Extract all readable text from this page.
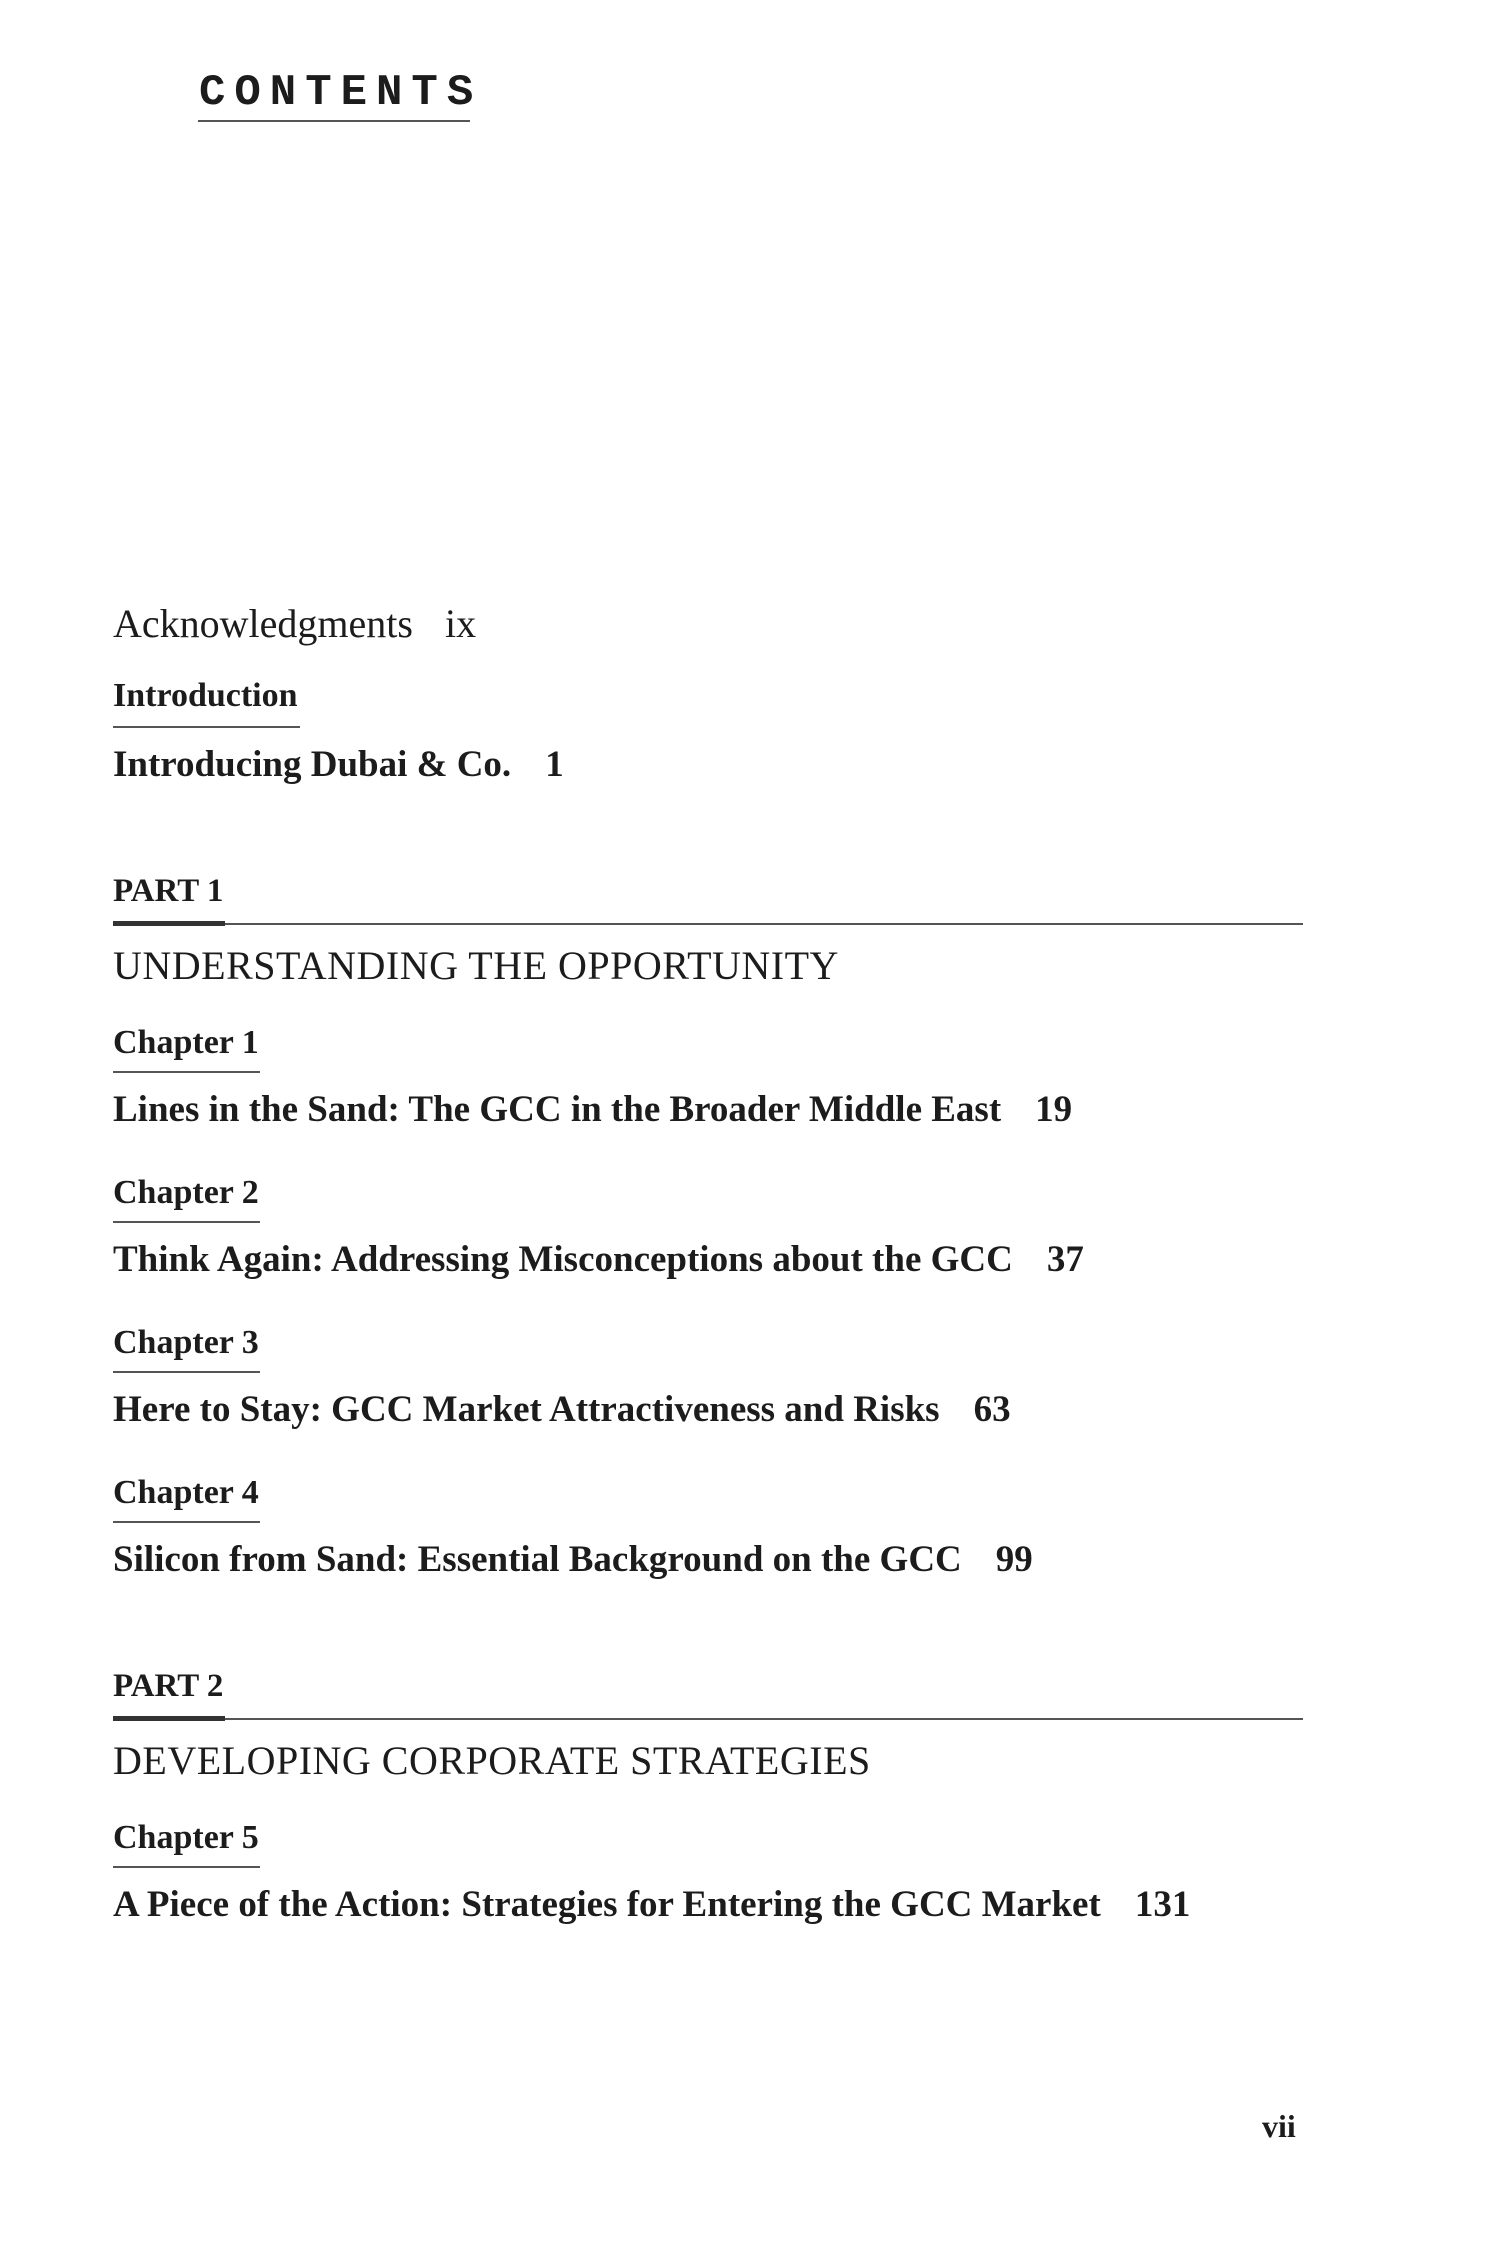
CONTENTS
Acknowledgments ix
Introduction
Introducing Dubai & Co. 1
PART 1
UNDERSTANDING THE OPPORTUNITY
Chapter 1
Lines in the Sand: The GCC in the Broader Middle East 19
Chapter 2
Think Again: Addressing Misconceptions about the GCC 37
Chapter 3
Here to Stay: GCC Market Attractiveness and Risks 63
Chapter 4
Silicon from Sand: Essential Background on the GCC 99
PART 2
DEVELOPING CORPORATE STRATEGIES
Chapter 5
A Piece of the Action: Strategies for Entering the GCC Market 131
vii
